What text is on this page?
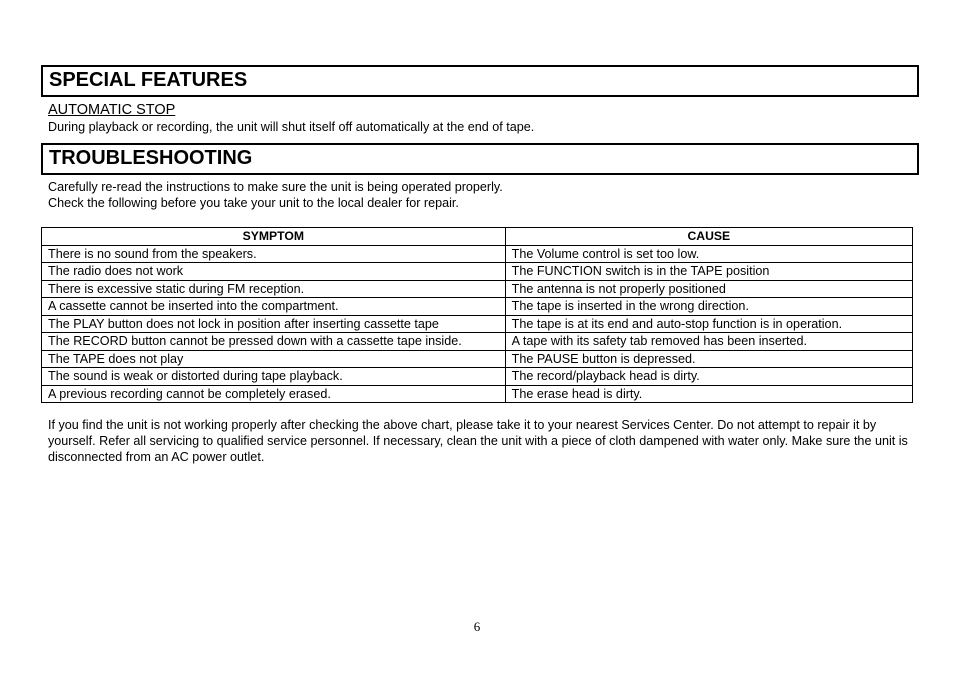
SPECIAL FEATURES
AUTOMATIC STOP
During playback or recording, the unit will shut itself off automatically at the end of tape.
TROUBLESHOOTING
Carefully re-read the instructions to make sure the unit is being operated properly.
Check the following before you take your unit to the local dealer for repair.
SYMPTOM	CAUSE
There is no sound from the speakers.	The Volume control is set too low.
The radio does not work	The FUNCTION switch is in the TAPE position
There is excessive static during FM reception.	The antenna is not properly positioned
A cassette cannot be inserted into the compartment.	The tape is inserted in the wrong direction.
The PLAY button does not lock in position after inserting cassette tape	The tape is at its end and auto-stop function is in operation.
The RECORD button cannot be pressed down with a cassette tape inside.	A tape with its safety tab removed has been inserted.
The TAPE does not play	The PAUSE button is depressed.
The sound is weak or distorted during tape playback.	The record/playback head is dirty.
A previous recording cannot be completely erased.	The erase head is dirty.
If you find the unit is not working properly after checking the above chart, please take it to your nearest Services Center. Do not attempt to repair it by yourself. Refer all servicing to qualified service personnel. If necessary, clean the unit with a piece of cloth dampened with water only. Make sure the unit is disconnected from an AC power outlet.
6
